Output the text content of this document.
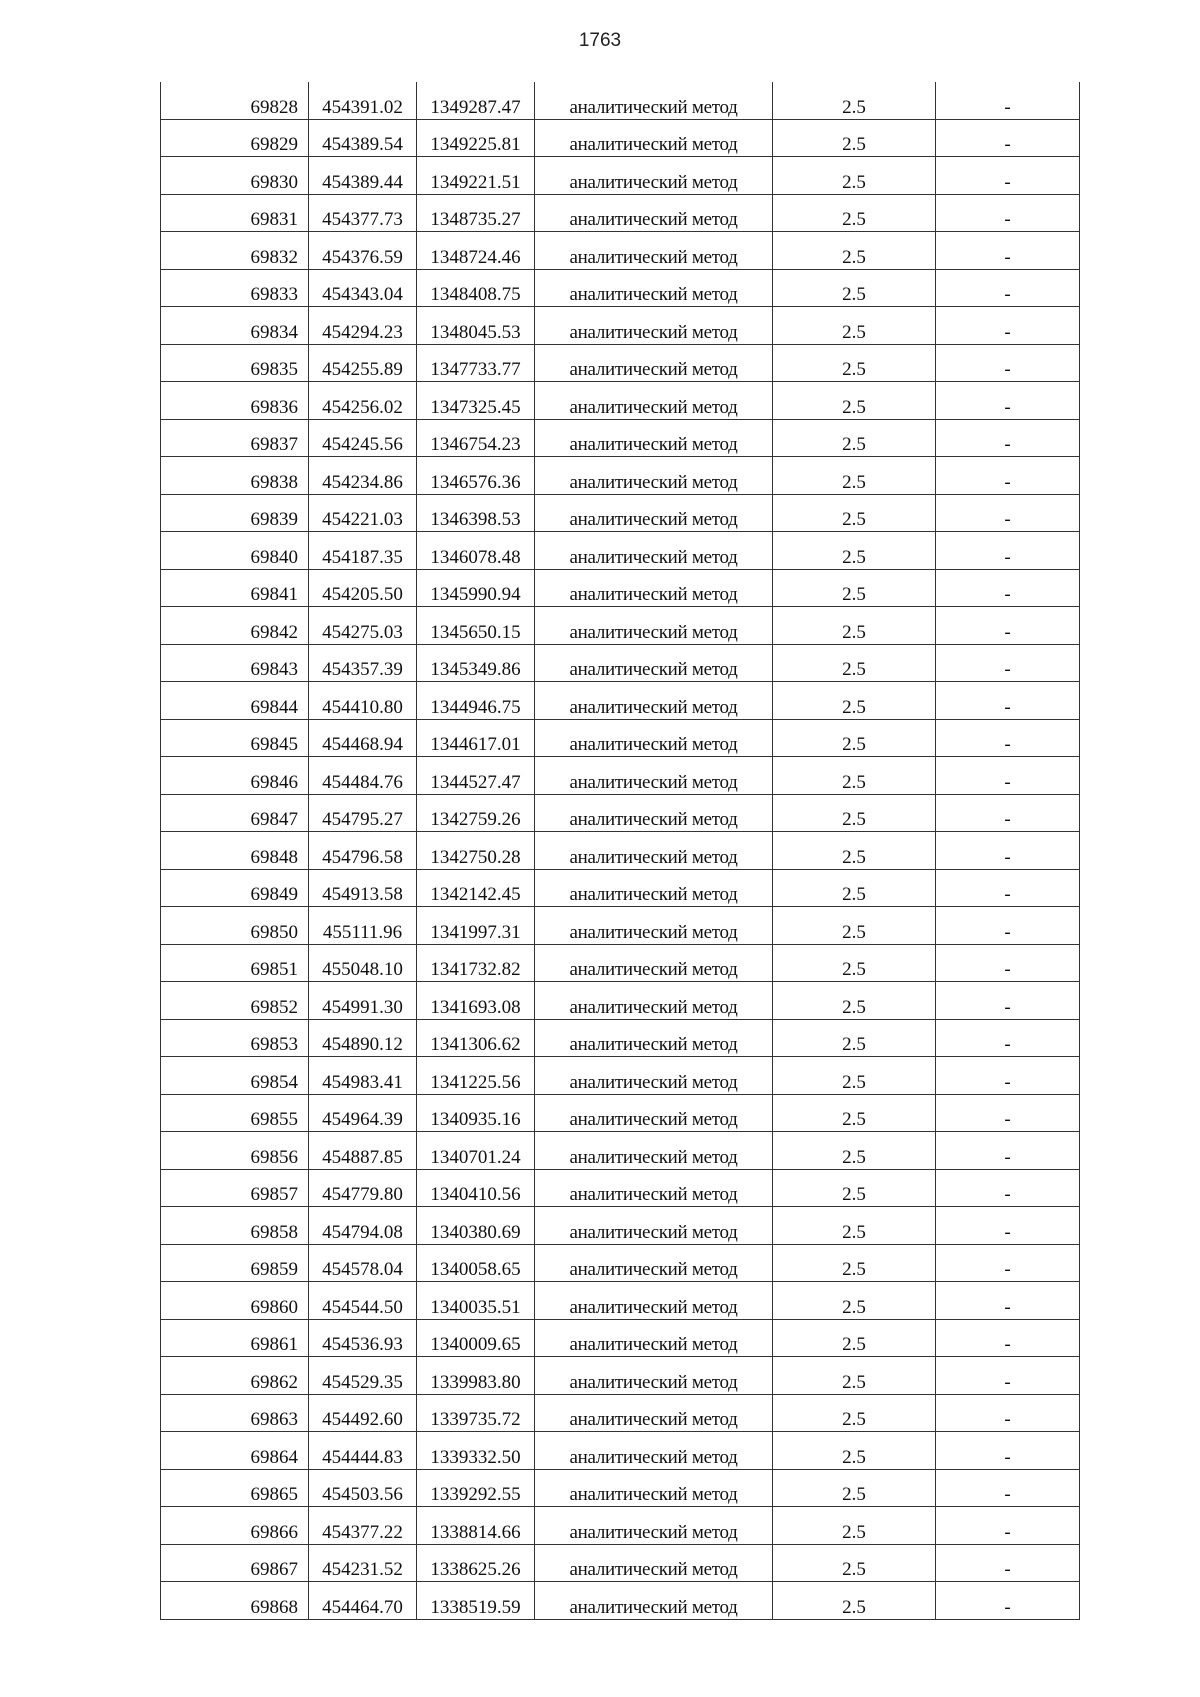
1763
69828	454391.02	1349287.47	аналитический метод	2.5	-
69829	454389.54	1349225.81	аналитический метод	2.5	-
69830	454389.44	1349221.51	аналитический метод	2.5	-
69831	454377.73	1348735.27	аналитический метод	2.5	-
69832	454376.59	1348724.46	аналитический метод	2.5	-
69833	454343.04	1348408.75	аналитический метод	2.5	-
69834	454294.23	1348045.53	аналитический метод	2.5	-
69835	454255.89	1347733.77	аналитический метод	2.5	-
69836	454256.02	1347325.45	аналитический метод	2.5	-
69837	454245.56	1346754.23	аналитический метод	2.5	-
69838	454234.86	1346576.36	аналитический метод	2.5	-
69839	454221.03	1346398.53	аналитический метод	2.5	-
69840	454187.35	1346078.48	аналитический метод	2.5	-
69841	454205.50	1345990.94	аналитический метод	2.5	-
69842	454275.03	1345650.15	аналитический метод	2.5	-
69843	454357.39	1345349.86	аналитический метод	2.5	-
69844	454410.80	1344946.75	аналитический метод	2.5	-
69845	454468.94	1344617.01	аналитический метод	2.5	-
69846	454484.76	1344527.47	аналитический метод	2.5	-
69847	454795.27	1342759.26	аналитический метод	2.5	-
69848	454796.58	1342750.28	аналитический метод	2.5	-
69849	454913.58	1342142.45	аналитический метод	2.5	-
69850	455111.96	1341997.31	аналитический метод	2.5	-
69851	455048.10	1341732.82	аналитический метод	2.5	-
69852	454991.30	1341693.08	аналитический метод	2.5	-
69853	454890.12	1341306.62	аналитический метод	2.5	-
69854	454983.41	1341225.56	аналитический метод	2.5	-
69855	454964.39	1340935.16	аналитический метод	2.5	-
69856	454887.85	1340701.24	аналитический метод	2.5	-
69857	454779.80	1340410.56	аналитический метод	2.5	-
69858	454794.08	1340380.69	аналитический метод	2.5	-
69859	454578.04	1340058.65	аналитический метод	2.5	-
69860	454544.50	1340035.51	аналитический метод	2.5	-
69861	454536.93	1340009.65	аналитический метод	2.5	-
69862	454529.35	1339983.80	аналитический метод	2.5	-
69863	454492.60	1339735.72	аналитический метод	2.5	-
69864	454444.83	1339332.50	аналитический метод	2.5	-
69865	454503.56	1339292.55	аналитический метод	2.5	-
69866	454377.22	1338814.66	аналитический метод	2.5	-
69867	454231.52	1338625.26	аналитический метод	2.5	-
69868	454464.70	1338519.59	аналитический метод	2.5	-
